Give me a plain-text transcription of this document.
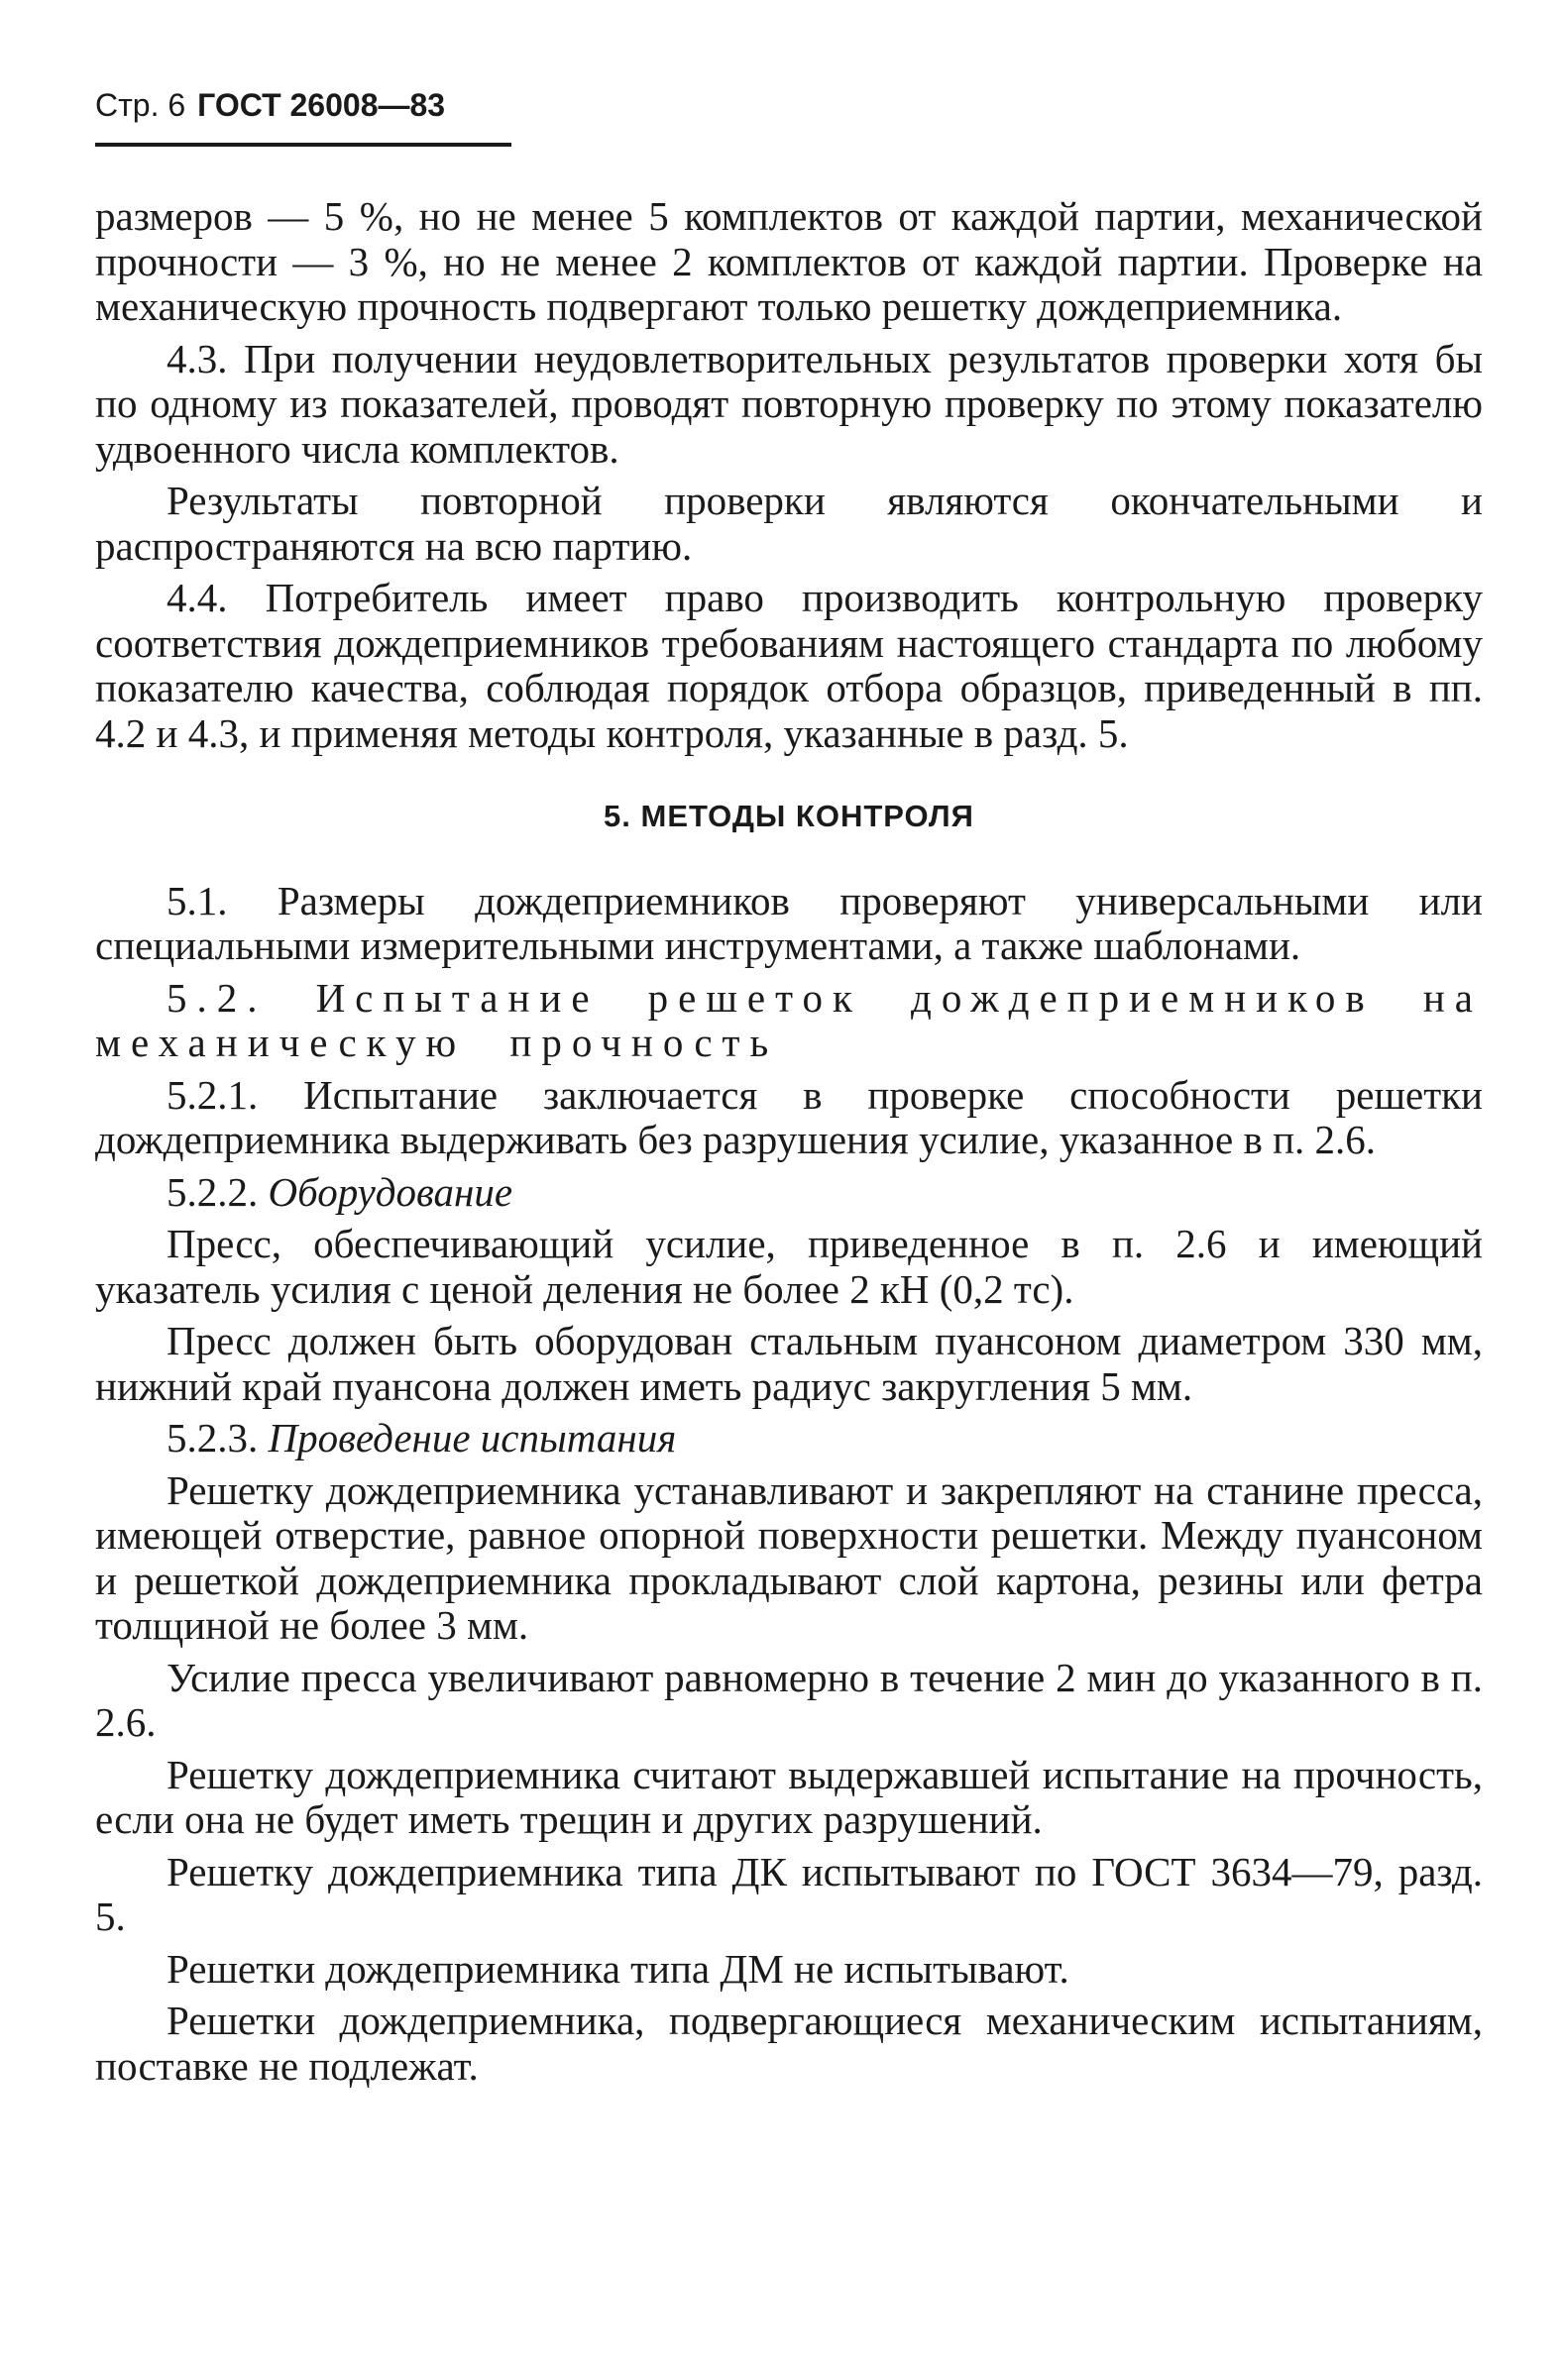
Стр. 6 ГОСТ 26008—83

размеров — 5 %, но не менее 5 комплектов от каждой партии, механической прочности — 3 %, но не менее 2 комплектов от каждой партии. Проверке на механическую прочность подвергают только решетку дождеприемника.

4.3. При получении неудовлетворительных результатов проверки хотя бы по одному из показателей, проводят повторную проверку по этому показателю удвоенного числа комплектов.

Результаты повторной проверки являются окончательными и распространяются на всю партию.

4.4. Потребитель имеет право производить контрольную проверку соответствия дождеприемников требованиям настоящего стандарта по любому показателю качества, соблюдая порядок отбора образцов, приведенный в пп. 4.2 и 4.3, и применяя методы контроля, указанные в разд. 5.

5. МЕТОДЫ КОНТРОЛЯ

5.1. Размеры дождеприемников проверяют универсальными или специальными измерительными инструментами, а также шаблонами.

5.2. Испытание решеток дождеприемников на механическую прочность

5.2.1. Испытание заключается в проверке способности решетки дождеприемника выдерживать без разрушения усилие, указанное в п. 2.6.

5.2.2. Оборудование

Пресс, обеспечивающий усилие, приведенное в п. 2.6 и имеющий указатель усилия с ценой деления не более 2 кН (0,2 тс).

Пресс должен быть оборудован стальным пуансоном диаметром 330 мм, нижний край пуансона должен иметь радиус закругления 5 мм.

5.2.3. Проведение испытания

Решетку дождеприемника устанавливают и закрепляют на станине пресса, имеющей отверстие, равное опорной поверхности решетки. Между пуансоном и решеткой дождеприемника прокладывают слой картона, резины или фетра толщиной не более 3 мм.

Усилие пресса увеличивают равномерно в течение 2 мин до указанного в п. 2.6.

Решетку дождеприемника считают выдержавшей испытание на прочность, если она не будет иметь трещин и других разрушений.

Решетку дождеприемника типа ДК испытывают по ГОСТ 3634—79, разд. 5.

Решетки дождеприемника типа ДМ не испытывают.

Решетки дождеприемника, подвергающиеся механическим испытаниям, поставке не подлежат.
